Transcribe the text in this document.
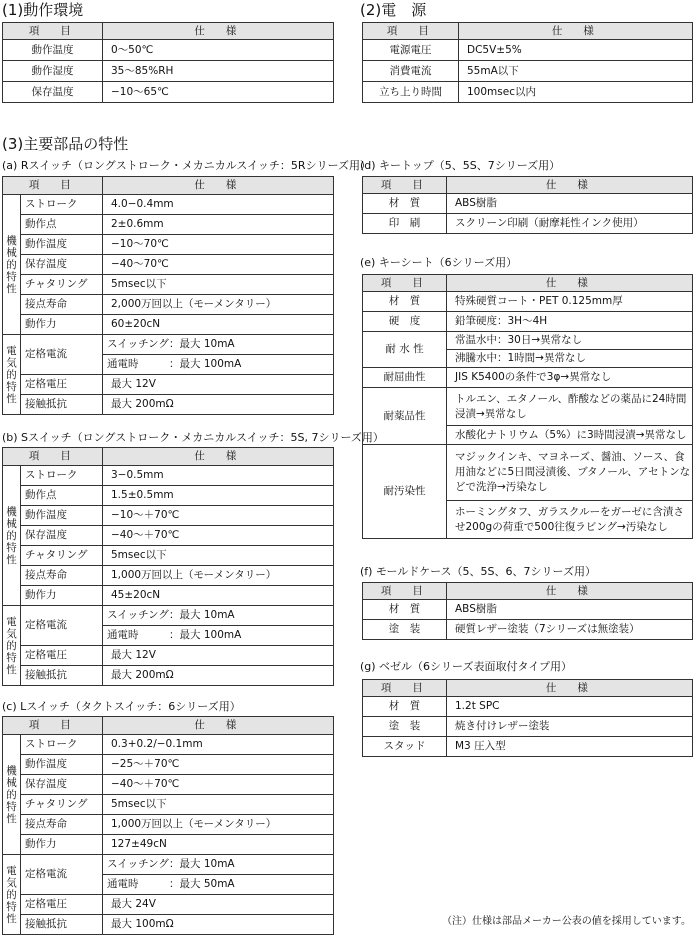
(1)動作環境
項　目	仕　様
動作温度	0〜50℃
動作湿度	35〜85%RH
保存温度	−10〜65℃
(2)電　源
項　目	仕　様
電源電圧	DC5V±5%
消費電流	55mA以下
立ち上り時間	100msec以内
(3)主要部品の特性
(a) Rスイッチ（ロングストローク・メカニカルスイッチ：5Rシリーズ用）
項　目		仕　様
機械的特性	ストローク	4.0−0.4mm
	動作点	2±0.6mm
	動作温度	−10〜70℃
	保存温度	−40〜70℃
	チャタリング	5msec以下
	接点寿命	2,000万回以上（モーメンタリー）
	動作力	60±20cN
電気的特性	定格電流	スイッチング：最大 10mA
		通電時 ：最大 100mA
	定格電圧	最大 12V
	接触抵抗	最大 200mΩ
(b) Sスイッチ（ロングストローク・メカニカルスイッチ：5S, 7シリーズ用）
項　目		仕　様
機械的特性	ストローク	3−0.5mm
	動作点	1.5±0.5mm
	動作温度	−10〜＋70℃
	保存温度	−40〜＋70℃
	チャタリング	5msec以下
	接点寿命	1,000万回以上（モーメンタリー）
	動作力	45±20cN
電気的特性	定格電流	スイッチング：最大 10mA
		通電時 ：最大 100mA
	定格電圧	最大 12V
	接触抵抗	最大 200mΩ
(c) Lスイッチ（タクトスイッチ：6シリーズ用）
項　目		仕　様
機械的特性	ストローク	0.3+0.2/−0.1mm
	動作温度	−25〜＋70℃
	保存温度	−40〜＋70℃
	チャタリング	5msec以下
	接点寿命	1,000万回以上（モーメンタリー）
	動作力	127±49cN
電気的特性	定格電流	スイッチング：最大 10mA
		通電時 ：最大 50mA
	定格電圧	最大 24V
	接触抵抗	最大 100mΩ
(d) キートップ（5、5S、7シリーズ用）
項　目	仕　様
材　質	ABS樹脂
印　刷	スクリーン印刷（耐摩耗性インク使用）
(e) キーシート（6シリーズ用）
項　目	仕　様
材　質	特殊硬質コート・PET 0.125mm厚
硬　度	鉛筆硬度：3H〜4H
耐 水 性	常温水中：30日→異常なし
	沸騰水中：1時間→異常なし
耐屈曲性	JIS K5400の条件で3φ→異常なし
耐薬品性	トルエン、エタノール、酢酸などの薬品に24時間浸漬→異常なし
	水酸化ナトリウム（5%）に3時間浸漬→異常なし
耐汚染性	マジックインキ、マヨネーズ、醤油、ソース、食用油などに5日間浸漬後、ブタノール、アセトンなどで洗浄→汚染なし
	ホーミングタフ、ガラスクルーをガーゼに含漬させ200gの荷重で500往復ラビング→汚染なし
(f) モールドケース（5、5S、6、7シリーズ用）
項　目	仕　様
材　質	ABS樹脂
塗　装	硬質レザー塗装（7シリーズは無塗装）
(g) ベゼル（6シリーズ表面取付タイプ用）
項　目	仕　様
材　質	1.2t SPC
塗　装	焼き付けレザー塗装
スタッド	M3 圧入型
（注）仕様は部品メーカー公表の値を採用しています。
